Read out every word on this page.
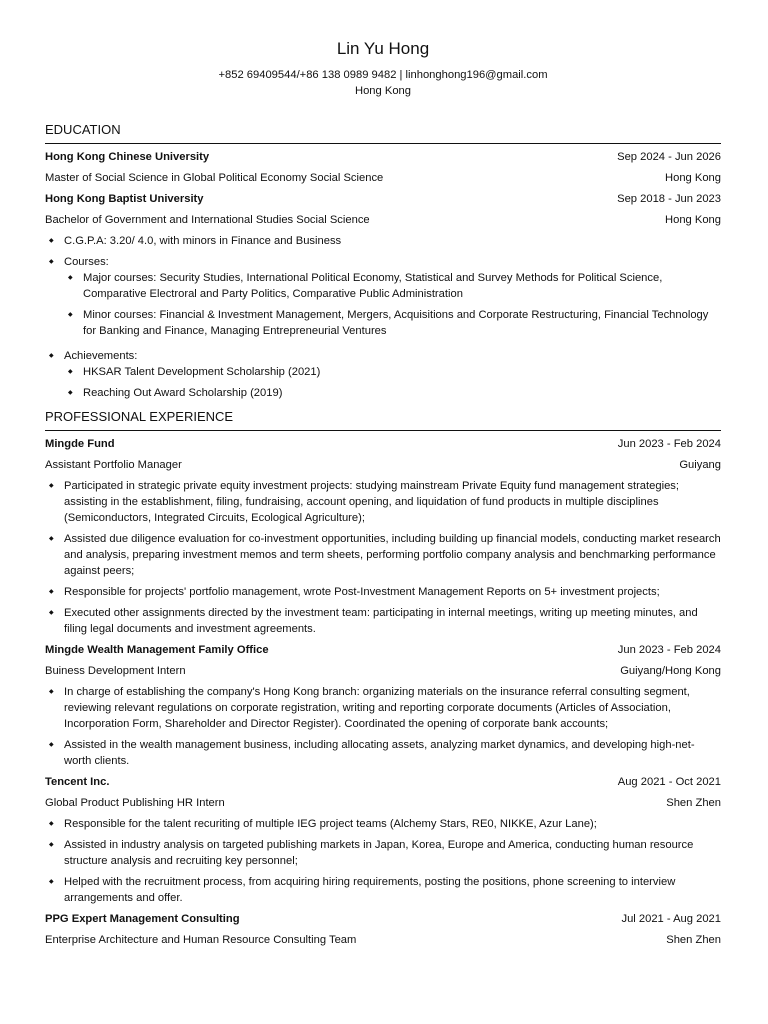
Lin Yu Hong
+852 69409544/+86 138 0989 9482 | linhonghong196@gmail.com
Hong Kong
EDUCATION
Hong Kong Chinese University	Sep 2024 - Jun 2026
Master of Social Science in Global Political Economy Social Science	Hong Kong
Hong Kong Baptist University	Sep 2018 - Jun 2023
Bachelor of Government and International Studies Social Science	Hong Kong
◆ C.G.P.A: 3.20/ 4.0, with minors in Finance and Business
◆ Courses:
◆ Major courses: Security Studies, International Political Economy, Statistical and Survey Methods for Political Science, Comparative Electroral and Party Politics, Comparative Public Administration
◆ Minor courses: Financial & Investment Management, Mergers, Acquisitions and Corporate Restructuring, Financial Technology for Banking and Finance, Managing Entrepreneurial Ventures
◆ Achievements:
◆ HKSAR Talent Development Scholarship (2021)
◆ Reaching Out Award Scholarship (2019)
PROFESSIONAL EXPERIENCE
Mingde Fund	Jun 2023 - Feb 2024
Assistant Portfolio Manager	Guiyang
◆ Participated in strategic private equity investment projects: studying mainstream Private Equity fund management strategies; assisting in the establishment, filing, fundraising, account opening, and liquidation of fund products in multiple disciplines (Semiconductors, Integrated Circuits, Ecological Agriculture);
◆ Assisted due diligence evaluation for co-investment opportunities, including building up financial models, conducting market research and analysis, preparing investment memos and term sheets, performing portfolio company analysis and benchmarking performance against peers;
◆ Responsible for projects' portfolio management, wrote Post-Investment Management Reports on 5+ investment projects;
◆ Executed other assignments directed by the investment team: participating in internal meetings, writing up meeting minutes, and filing legal documents and investment agreements.
Mingde Wealth Management Family Office	Jun 2023 - Feb 2024
Buiness Development Intern	Guiyang/Hong Kong
◆ In charge of establishing the company's Hong Kong branch: organizing materials on the insurance referral consulting segment, reviewing relevant regulations on corporate registration, writing and reporting corporate documents (Articles of Association, Incorporation Form, Shareholder and Director Register). Coordinated the opening of corporate bank accounts;
◆ Assisted in the wealth management business, including allocating assets, analyzing market dynamics, and developing high-net-worth clients.
Tencent Inc.	Aug 2021 - Oct 2021
Global Product Publishing HR Intern	Shen Zhen
◆ Responsible for the talent recuriting of multiple IEG project teams (Alchemy Stars, RE0, NIKKE, Azur Lane);
◆ Assisted in industry analysis on targeted publishing markets in Japan, Korea, Europe and America, conducting human resource structure analysis and recruiting key personnel;
◆ Helped with the recruitment process, from acquiring hiring requirements, posting the positions, phone screening to interview arrangements and offer.
PPG Expert Management Consulting	Jul 2021 - Aug 2021
Enterprise Architecture and Human Resource Consulting Team	Shen Zhen
